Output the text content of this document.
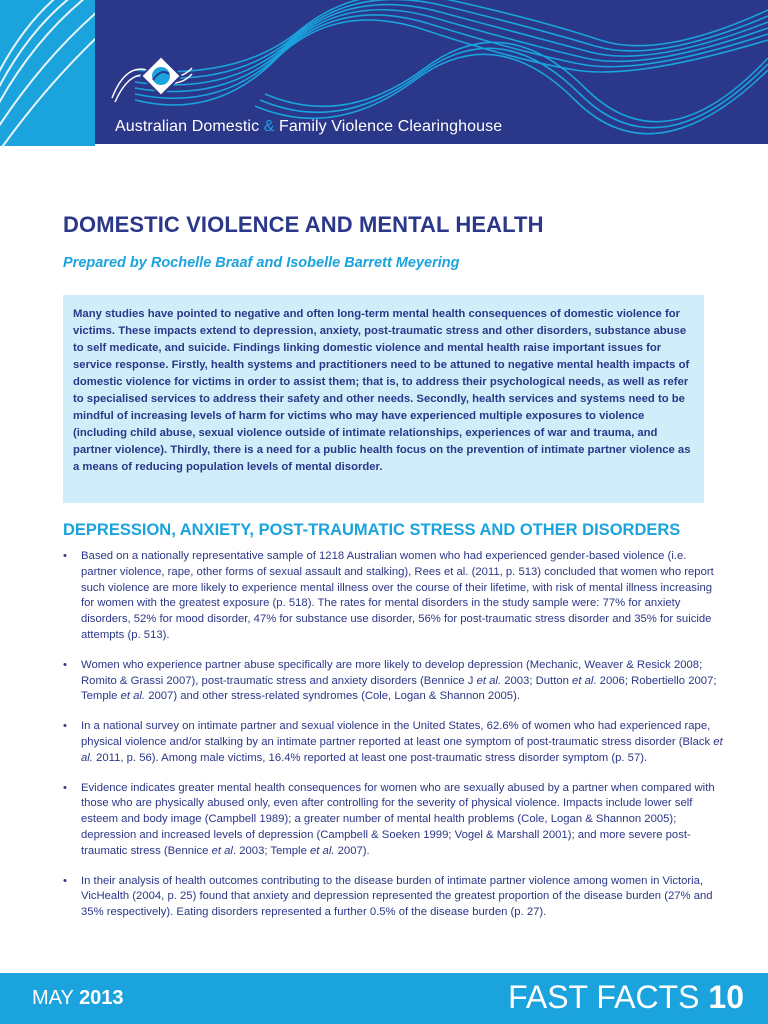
Australian Domestic & Family Violence Clearinghouse
DOMESTIC VIOLENCE AND MENTAL HEALTH
Prepared by Rochelle Braaf and Isobelle Barrett Meyering

Many studies have pointed to negative and often long-term mental health consequences of domestic violence for victims. These impacts extend to depression, anxiety, post-traumatic stress and other disorders, substance abuse to self medicate, and suicide. Findings linking domestic violence and mental health raise important issues for service response. Firstly, health systems and practitioners need to be attuned to negative mental health impacts of domestic violence for victims in order to assist them; that is, to address their psychological needs, as well as refer to specialised services to address their safety and other needs. Secondly, health services and systems need to be mindful of increasing levels of harm for victims who may have experienced multiple exposures to violence (including child abuse, sexual violence outside of intimate relationships, experiences of war and trauma, and partner violence). Thirdly, there is a need for a public health focus on the prevention of intimate partner violence as a means of reducing population levels of mental disorder.

DEPRESSION, ANXIETY, POST-TRAUMATIC STRESS AND OTHER DISORDERS
• Based on a nationally representative sample of 1218 Australian women who had experienced gender-based violence (i.e. partner violence, rape, other forms of sexual assault and stalking), Rees et al. (2011, p. 513) concluded that women who report such violence are more likely to experience mental illness over the course of their lifetime, with risk of mental illness increasing for women with the greatest exposure (p. 518). The rates for mental disorders in the study sample were: 77% for anxiety disorders, 52% for mood disorder, 47% for substance use disorder, 56% for post-traumatic stress disorder and 35% for suicide attempts (p. 513).
• Women who experience partner abuse specifically are more likely to develop depression (Mechanic, Weaver & Resick 2008; Romito & Grassi 2007), post-traumatic stress and anxiety disorders (Bennice J et al. 2003; Dutton et al. 2006; Robertiello 2007; Temple et al. 2007) and other stress-related syndromes (Cole, Logan & Shannon 2005).
• In a national survey on intimate partner and sexual violence in the United States, 62.6% of women who had experienced rape, physical violence and/or stalking by an intimate partner reported at least one symptom of post-traumatic stress disorder (Black et al. 2011, p. 56). Among male victims, 16.4% reported at least one post-traumatic stress disorder symptom (p. 57).
• Evidence indicates greater mental health consequences for women who are sexually abused by a partner when compared with those who are physically abused only, even after controlling for the severity of physical violence. Impacts include lower self esteem and body image (Campbell 1989); a greater number of mental health problems (Cole, Logan & Shannon 2005); depression and increased levels of depression (Campbell & Soeken 1999; Vogel & Marshall 2001); and more severe post-traumatic stress (Bennice et al. 2003; Temple et al. 2007).
• In their analysis of health outcomes contributing to the disease burden of intimate partner violence among women in Victoria, VicHealth (2004, p. 25) found that anxiety and depression represented the greatest proportion of the disease burden (27% and 35% respectively). Eating disorders represented a further 0.5% of the disease burden (p. 27).
MAY 2013	FAST FACTS 10
